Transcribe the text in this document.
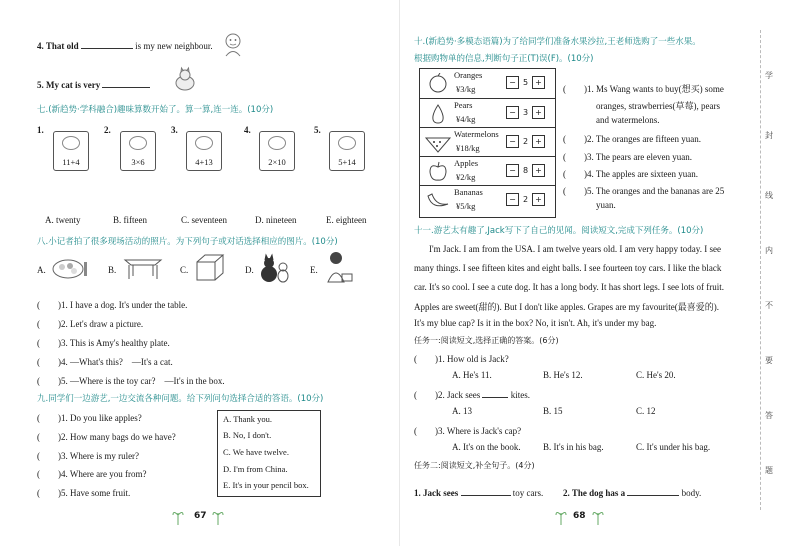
4. That old	is my new neighbour.
5. My cat is very
七.(新趋势·学科融合)趣味算数开始了。算一算,连一连。(10分)
1.
11+4
2.
3×6
3.
4+13
4.
2×10
5.
5+14
A. twenty	B. fifteen	C. seventeen	D. nineteen	E. eighteen
八.小记者拍了很多现场活动的照片。为下列句子或对话选择相应的图片。(10分)
A.	B.	C.	D.	E.
(　　)1. I have a dog. It's under the table.
(　　)2. Let's draw a picture.
(　　)3. This is Amy's healthy plate.
(　　)4. —What's this?　—It's a cat.
(　　)5. —Where is the toy car?　—It's in the box.
九.同学们一边游艺,一边交流各种问题。给下列问句选择合适的答语。(10分)
(　　)1. Do you like apples?
(　　)2. How many bags do we have?
(　　)3. Where is my ruler?
(　　)4. Where are you from?
(　　)5. Have some fruit.
A. Thank you.
B. No, I don't.
C. We have twelve.
D. I'm from China.
E. It's in your pencil box.
67
十.(新趋势·多模态语篇)为了给同学们准备水果沙拉,王老师选购了一些水果。
根据购物单的信息,判断句子正(T)误(F)。(10分)
Oranges
¥3/kg
− 5 +
Pears
¥4/kg
− 3 +
Watermelons
¥18/kg
− 2 +
Apples
¥2/kg
− 8 +
Bananas
¥5/kg
− 2 +
(　　)1. Ms Wang wants to buy(想买) some
oranges, strawberries(草莓), pears
and watermelons.
(　　)2. The oranges are fifteen yuan.
(　　)3. The pears are eleven yuan.
(　　)4. The apples are sixteen yuan.
(　　)5. The oranges and the bananas are 25
yuan.
十一.游艺太有趣了,Jack写下了自己的见闻。阅读短文,完成下列任务。(10分)
I'm Jack. I am from the USA. I am twelve years old. I am very happy today. I see
many things. I see fifteen kites and eight balls. I see fourteen toy cars. I like the black
car. It's so cool. I see a cute dog. It has a long body. It has short legs. I see lots of fruit.
Apples are sweet(甜的). But I don't like apples. Grapes are my favourite(最喜爱的).
It's my blue cap? Is it in the box? No, it isn't. Ah, it's under my bag.
任务一:阅读短文,选择正确的答案。(6分)
(　　)1. How old is Jack?
A. He's 11.	B. He's 12.	C. He's 20.
(　　)2. Jack sees	kites.
A. 13	B. 15	C. 12
(　　)3. Where is Jack's cap?
A. It's on the book. B. It's in his bag.	C. It's under his bag.
任务二:阅读短文,补全句子。(4分)
1. Jack sees	toy cars. 2. The dog has a	body.
68
学
封
线
内
不
要
答
题
